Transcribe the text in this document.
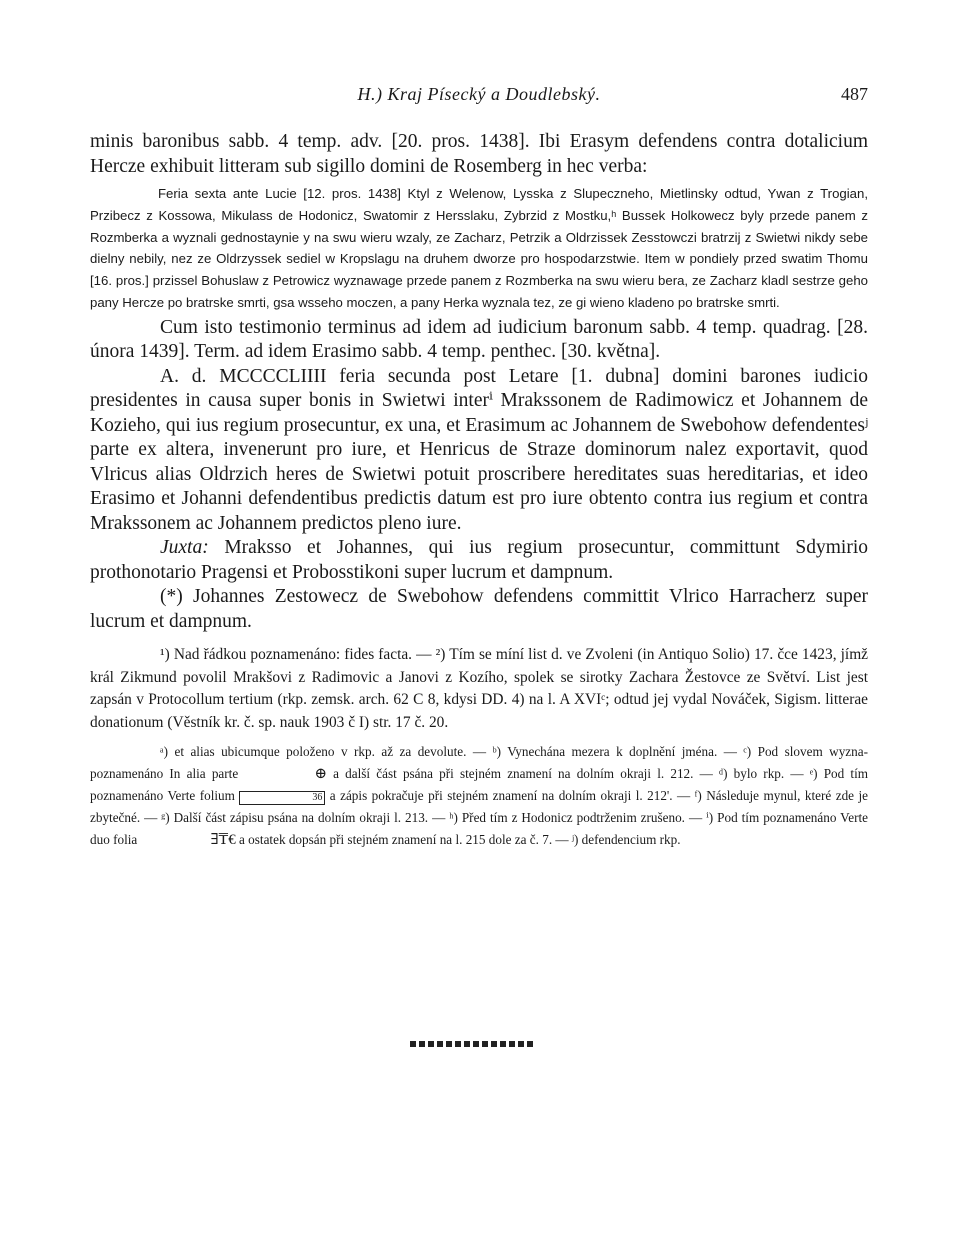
H.) Kraj Písecký a Doudlebský.	487

minis baronibus sabb. 4 temp. adv. [20. pros. 1438]. Ibi Erasym defendens contra dotalicium Hercze exhibuit litteram sub sigillo domini de Rosemberg in hec verba:

Feria sexta ante Lucie [12. pros. 1438] Ktyl z Welenow, Lysska z Slupeczneho, Mietlinsky odtud, Ywan z Trogian, Przibecz z Kossowa, Mikulass de Hodonicz, Swatomir z Hersslaku, Zybrzid z Mostku,ʰ Bussek Holkowecz byly przede panem z Rozmberka a wyznali gednostaynie y na swu wieru wzaly, ze Zacharz, Petrzik a Oldrzissek Zesstowczi bratrzij z Swietwi nikdy sebe dielny nebily, nez ze Oldrzyssek sediel w Kropslagu na druhem dworze pro hospodarzstwie. Item w pondiely przed swatim Thomu [16. pros.] przissel Bohuslaw z Petrowicz wyznawage przede panem z Rozmberka na swu wieru bera, ze Zacharz kladl sestrze geho pany Hercze po bratrske smrti, gsa wsseho moczen, a pany Herka wyznala tez, ze gi wieno kladeno po bratrske smrti.

Cum isto testimonio terminus ad idem ad iudicium baronum sabb. 4 temp. quadrag. [28. února 1439]. Term. ad idem Erasimo sabb. 4 temp. penthec. [30. května].

A. d. MCCCCLIIII feria secunda post Letare [1. dubna] domini barones iudicio presidentes in causa super bonis in Swietwi interⁱ Mrakssonem de Radimowicz et Johannem de Kozieho, qui ius regium prosecuntur, ex una, et Erasimum ac Johannem de Swebohow defendentesʲ parte ex altera, invenerunt pro iure, et Henricus de Straze dominorum nalez exportavit, quod Vlricus alias Oldrzich heres de Swietwi potuit proscribere hereditates suas hereditarias, et ideo Erasimo et Johanni defendentibus predictis datum est pro iure obtento contra ius regium et contra Mrakssonem ac Johannem predictos pleno iure.

Juxta: Mraksso et Johannes, qui ius regium prosecuntur, committunt Sdymirio prothonotario Pragensi et Probosstikoni super lucrum et dampnum.

(*) Johannes Zestowecz de Swebohow defendens committit Vlrico Harracherz super lucrum et dampnum.

¹) Nad řádkou poznamenáno: fides facta. — ²) Tím se míní list d. ve Zvoleni (in Antiquo Solio) 17. čce 1423, jímž král Zikmund povolil Mrakšovi z Radimovic a Janovi z Kozího, spolek se sirotky Zachara Žestovce ze Světví. List jest zapsán v Protocollum tertium (rkp. zemsk. arch. 62 C 8, kdysi DD. 4) na l. A XVIᶜ; odtud jej vydal Nováček, Sigism. litterae donationum (Věstník kr. č. sp. nauk 1903 č I) str. 17 č. 20.

ᵃ) et alias ubicumque položeno v rkp. až za devolute. — ᵇ) Vynechána mezera k doplnění jména. — ᶜ) Pod slovem wyzna- poznamenáno In alia parte	⊕ a další část psána při stejném znamení na dolním okraji l. 212. — ᵈ) bylo rkp. — ᵉ) Pod tím poznamenáno Verte folium	36 a zápis pokračuje při stejném znamení na dolním okraji l. 212'. — ᶠ) Následuje mynul, které zde je zbytečné. — ᵍ) Další část zápisu psána na dolním okraji l. 213. — ʰ) Před tím z Hodonicz podtrženim zrušeno. — ⁱ) Pod tím poznamenáno Verte duo folia	∃₸€ a ostatek dopsán při stejném znamení na l. 215 dole za č. 7. — ʲ) defendencium rkp.
